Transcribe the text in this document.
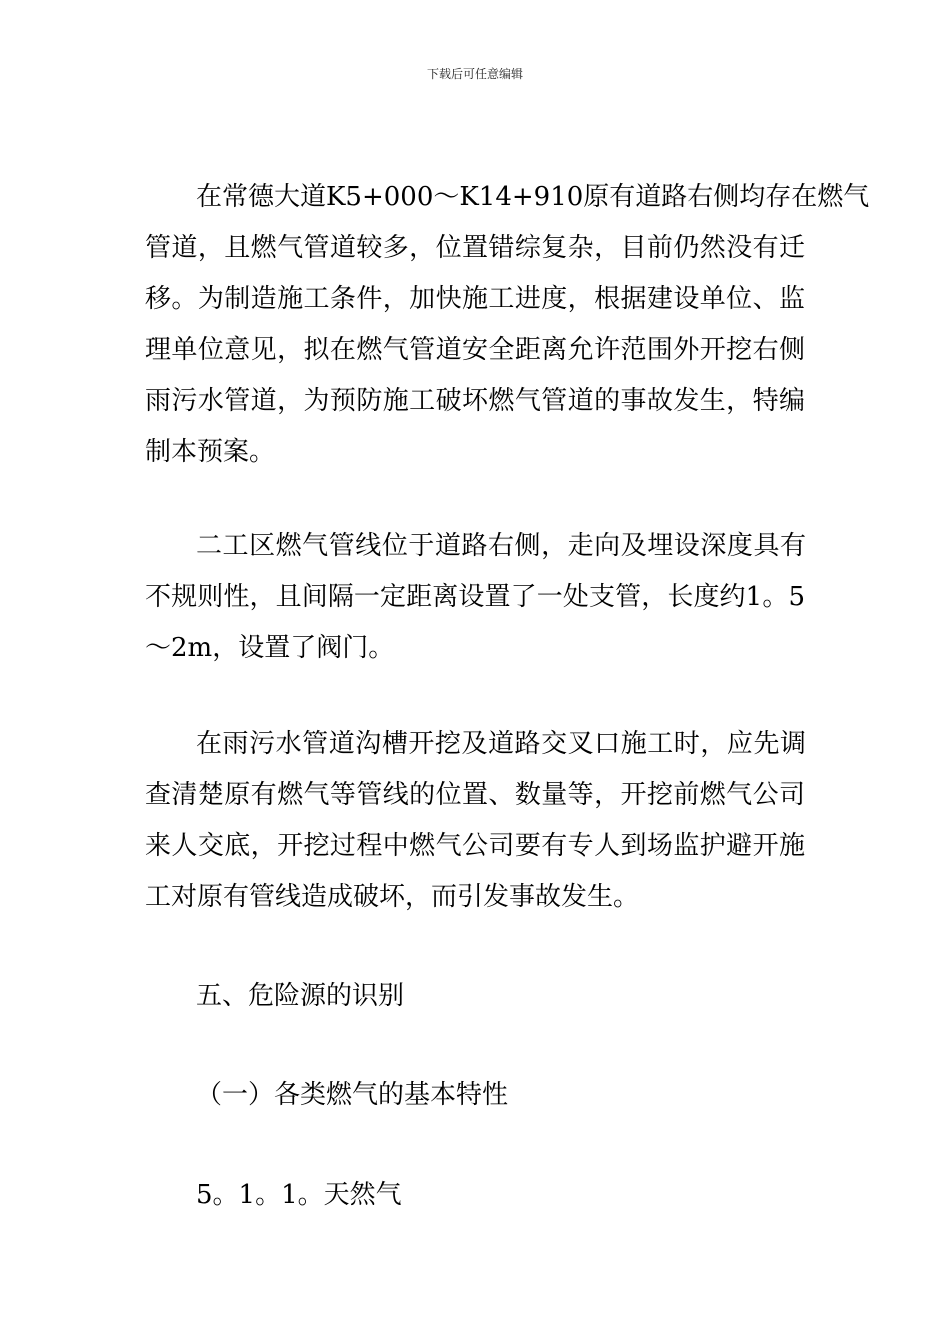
下载后可任意编辑
在常德大道K5+000～K14+910原有道路右侧均存在燃气
管道，且燃气管道较多，位置错综复杂，目前仍然没有迁
移。为制造施工条件，加快施工进度，根据建设单位、监
理单位意见，拟在燃气管道安全距离允许范围外开挖右侧
雨污水管道，为预防施工破坏燃气管道的事故发生，特编
制本预案。
二工区燃气管线位于道路右侧，走向及埋设深度具有
不规则性，且间隔一定距离设置了一处支管，长度约1。5
～2m，设置了阀门。
在雨污水管道沟槽开挖及道路交叉口施工时，应先调
查清楚原有燃气等管线的位置、数量等，开挖前燃气公司
来人交底，开挖过程中燃气公司要有专人到场监护避开施
工对原有管线造成破坏，而引发事故发生。
五、危险源的识别
（一）各类燃气的基本特性
5。1。1。天然气
